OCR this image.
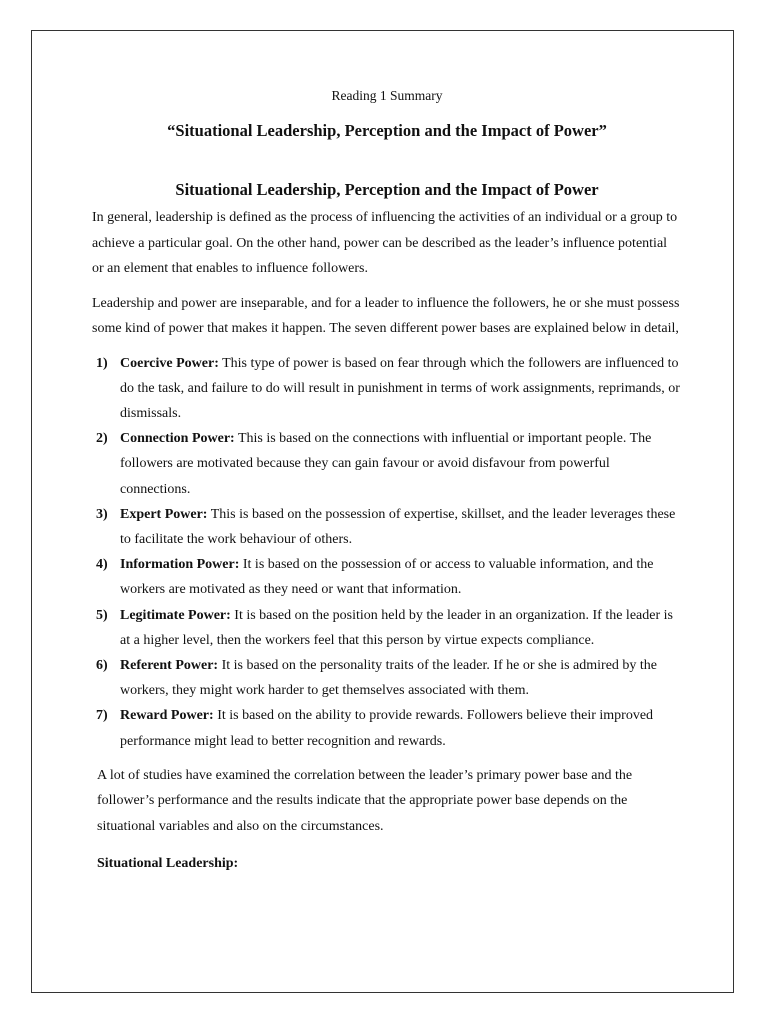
Reading 1 Summary
“Situational Leadership, Perception and the Impact of Power”
Situational Leadership, Perception and the Impact of Power

In general, leadership is defined as the process of influencing the activities of an individual or a group to achieve a particular goal. On the other hand, power can be described as the leader’s influence potential or an element that enables to influence followers.

Leadership and power are inseparable, and for a leader to influence the followers, he or she must possess some kind of power that makes it happen. The seven different power bases are explained below in detail,

1) Coercive Power: This type of power is based on fear through which the followers are influenced to do the task, and failure to do will result in punishment in terms of work assignments, reprimands, or dismissals.
2) Connection Power: This is based on the connections with influential or important people. The followers are motivated because they can gain favour or avoid disfavour from powerful connections.
3) Expert Power: This is based on the possession of expertise, skillset, and the leader leverages these to facilitate the work behaviour of others.
4) Information Power: It is based on the possession of or access to valuable information, and the workers are motivated as they need or want that information.
5) Legitimate Power: It is based on the position held by the leader in an organization. If the leader is at a higher level, then the workers feel that this person by virtue expects compliance.
6) Referent Power: It is based on the personality traits of the leader. If he or she is admired by the workers, they might work harder to get themselves associated with them.
7) Reward Power: It is based on the ability to provide rewards. Followers believe their improved performance might lead to better recognition and rewards.

A lot of studies have examined the correlation between the leader’s primary power base and the follower’s performance and the results indicate that the appropriate power base depends on the situational variables and also on the circumstances.

Situational Leadership:
